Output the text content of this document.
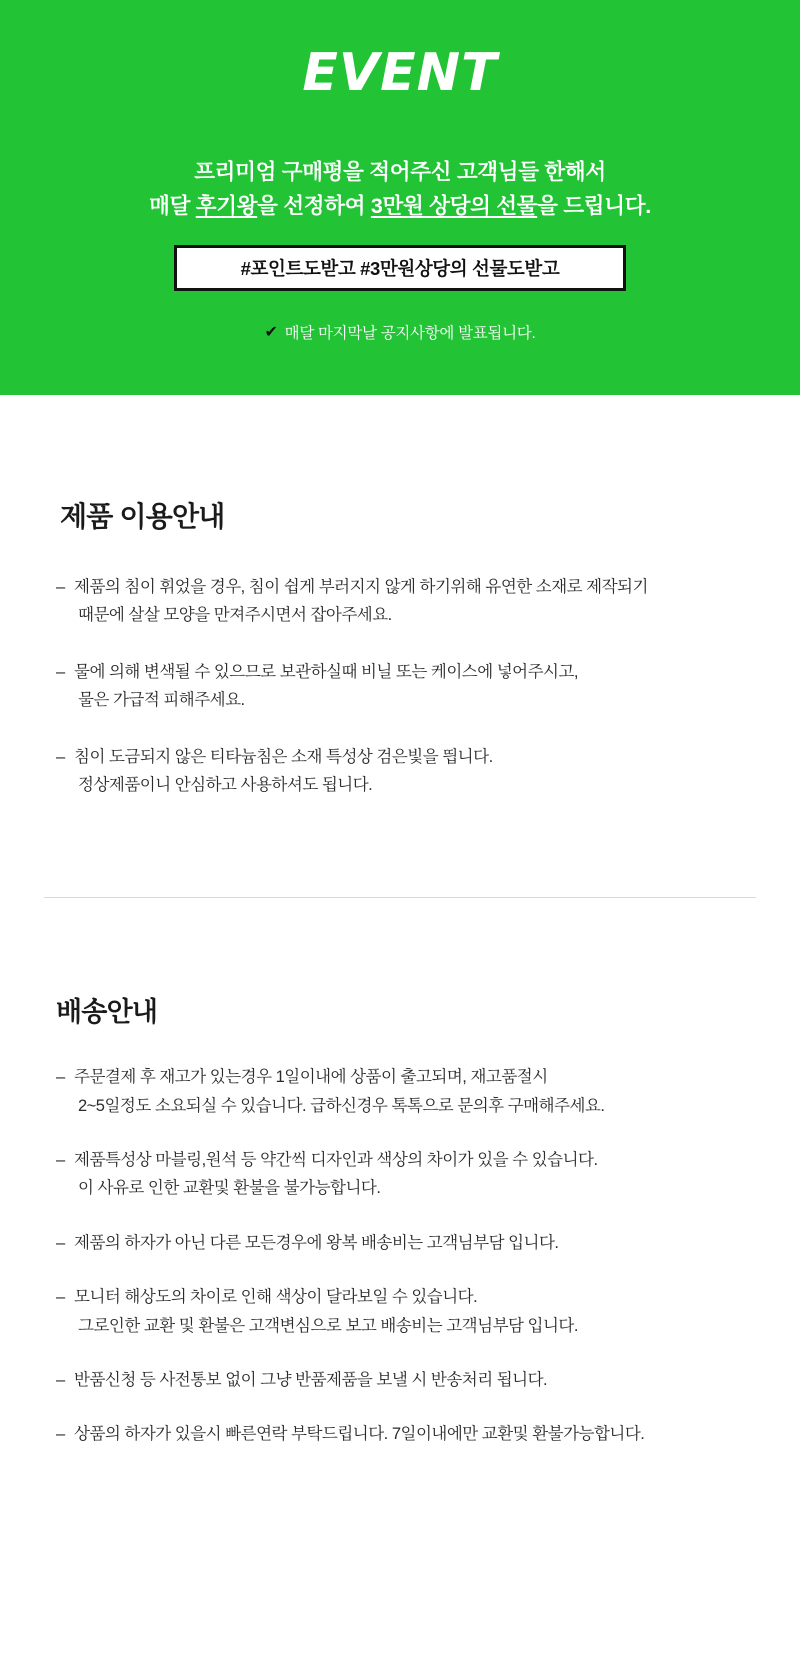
EVENT
프리미엄 구매평을 적어주신 고객님들 한해서
매달 후기왕을 선정하여 3만원 상당의 선물을 드립니다.
#포인트도받고 #3만원상당의 선물도받고
✔ 매달 마지막날 공지사항에 발표됩니다.
제품 이용안내
– 제품의 침이 휘었을 경우, 침이 쉽게 부러지지 않게 하기위해 유연한 소재로 제작되기
때문에 살살 모양을 만져주시면서 잡아주세요.
– 물에 의해 변색될 수 있으므로 보관하실때 비닐 또는 케이스에 넣어주시고,
물은 가급적 피해주세요.
– 침이 도금되지 않은 티타늄침은 소재 특성상 검은빛을 띕니다.
정상제품이니 안심하고 사용하셔도 됩니다.
배송안내
– 주문결제 후 재고가 있는경우 1일이내에 상품이 출고되며, 재고품절시
2~5일정도 소요되실 수 있습니다. 급하신경우 톡톡으로 문의후 구매해주세요.
– 제품특성상 마블링,원석 등 약간씩 디자인과 색상의 차이가 있을 수 있습니다.
이 사유로 인한 교환및 환불을 불가능합니다.
– 제품의 하자가 아닌 다른 모든경우에 왕복 배송비는 고객님부담 입니다.
– 모니터 해상도의 차이로 인해 색상이 달라보일 수 있습니다.
그로인한 교환 및 환불은 고객변심으로 보고 배송비는 고객님부담 입니다.
– 반품신청 등 사전통보 없이 그냥 반품제품을 보낼 시 반송처리 됩니다.
– 상품의 하자가 있을시 빠른연락 부탁드립니다. 7일이내에만 교환및 환불가능합니다.
